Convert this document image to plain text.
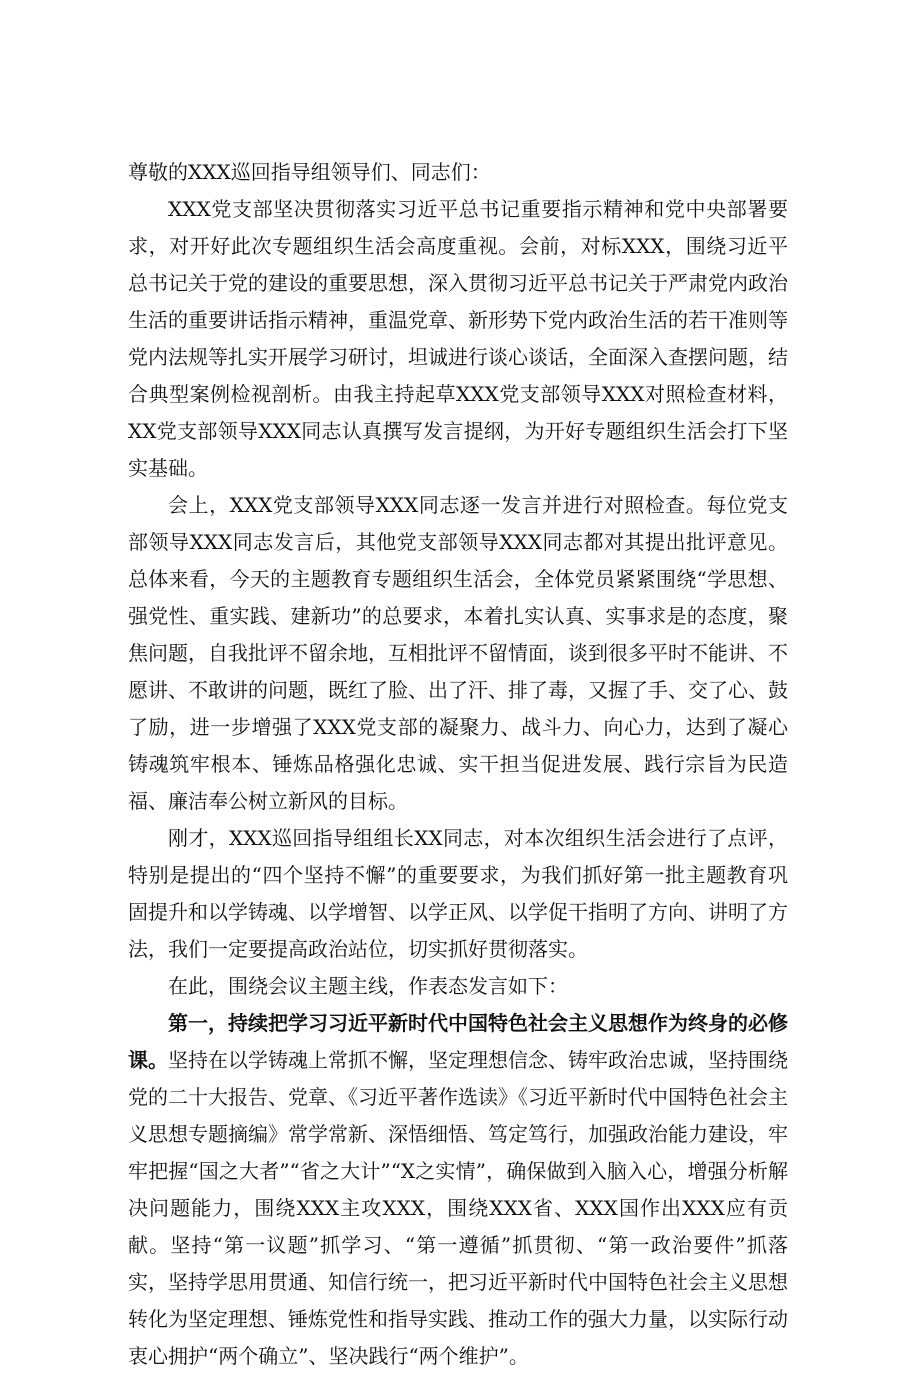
尊敬的XXX巡回指导组领导们、同志们：

XXX党支部坚决贯彻落实习近平总书记重要指示精神和党中央部署要求，对开好此次专题组织生活会高度重视。会前，对标XXX，围绕习近平总书记关于党的建设的重要思想，深入贯彻习近平总书记关于严肃党内政治生活的重要讲话指示精神，重温党章、新形势下党内政治生活的若干准则等党内法规等扎实开展学习研讨，坦诚进行谈心谈话，全面深入查摆问题，结合典型案例检视剖析。由我主持起草XXX党支部领导XXX对照检查材料，XX党支部领导XXX同志认真撰写发言提纲，为开好专题组织生活会打下坚实基础。

会上，XXX党支部领导XXX同志逐一发言并进行对照检查。每位党支部领导XXX同志发言后，其他党支部领导XXX同志都对其提出批评意见。总体来看，今天的主题教育专题组织生活会，全体党员紧紧围绕“学思想、强党性、重实践、建新功”的总要求，本着扎实认真、实事求是的态度，聚焦问题，自我批评不留余地，互相批评不留情面，谈到很多平时不能讲、不愿讲、不敢讲的问题，既红了脸、出了汗、排了毒，又握了手、交了心、鼓了励，进一步增强了XXX党支部的凝聚力、战斗力、向心力，达到了凝心铸魂筑牢根本、锤炼品格强化忠诚、实干担当促进发展、践行宗旨为民造福、廉洁奉公树立新风的目标。

刚才，XXX巡回指导组组长XX同志，对本次组织生活会进行了点评，特别是提出的“四个坚持不懈”的重要要求，为我们抓好第一批主题教育巩固提升和以学铸魂、以学增智、以学正风、以学促干指明了方向、讲明了方法，我们一定要提高政治站位，切实抓好贯彻落实。

在此，围绕会议主题主线，作表态发言如下：

第一，持续把学习习近平新时代中国特色社会主义思想作为终身的必修课。坚持在以学铸魂上常抓不懈，坚定理想信念、铸牢政治忠诚，坚持围绕党的二十大报告、党章、《习近平著作选读》《习近平新时代中国特色社会主义思想专题摘编》常学常新、深悟细悟、笃定笃行，加强政治能力建设，牢牢把握“国之大者”“省之大计”“X之实情”，确保做到入脑入心，增强分析解决问题能力，围绕XXX主攻XXX，围绕XXX省、XXX国作出XXX应有贡献。坚持“第一议题”抓学习、“第一遵循”抓贯彻、“第一政治要件”抓落实，坚持学思用贯通、知信行统一，把习近平新时代中国特色社会主义思想转化为坚定理想、锤炼党性和指导实践、推动工作的强大力量，以实际行动衷心拥护“两个确立”、坚决践行“两个维护”。
